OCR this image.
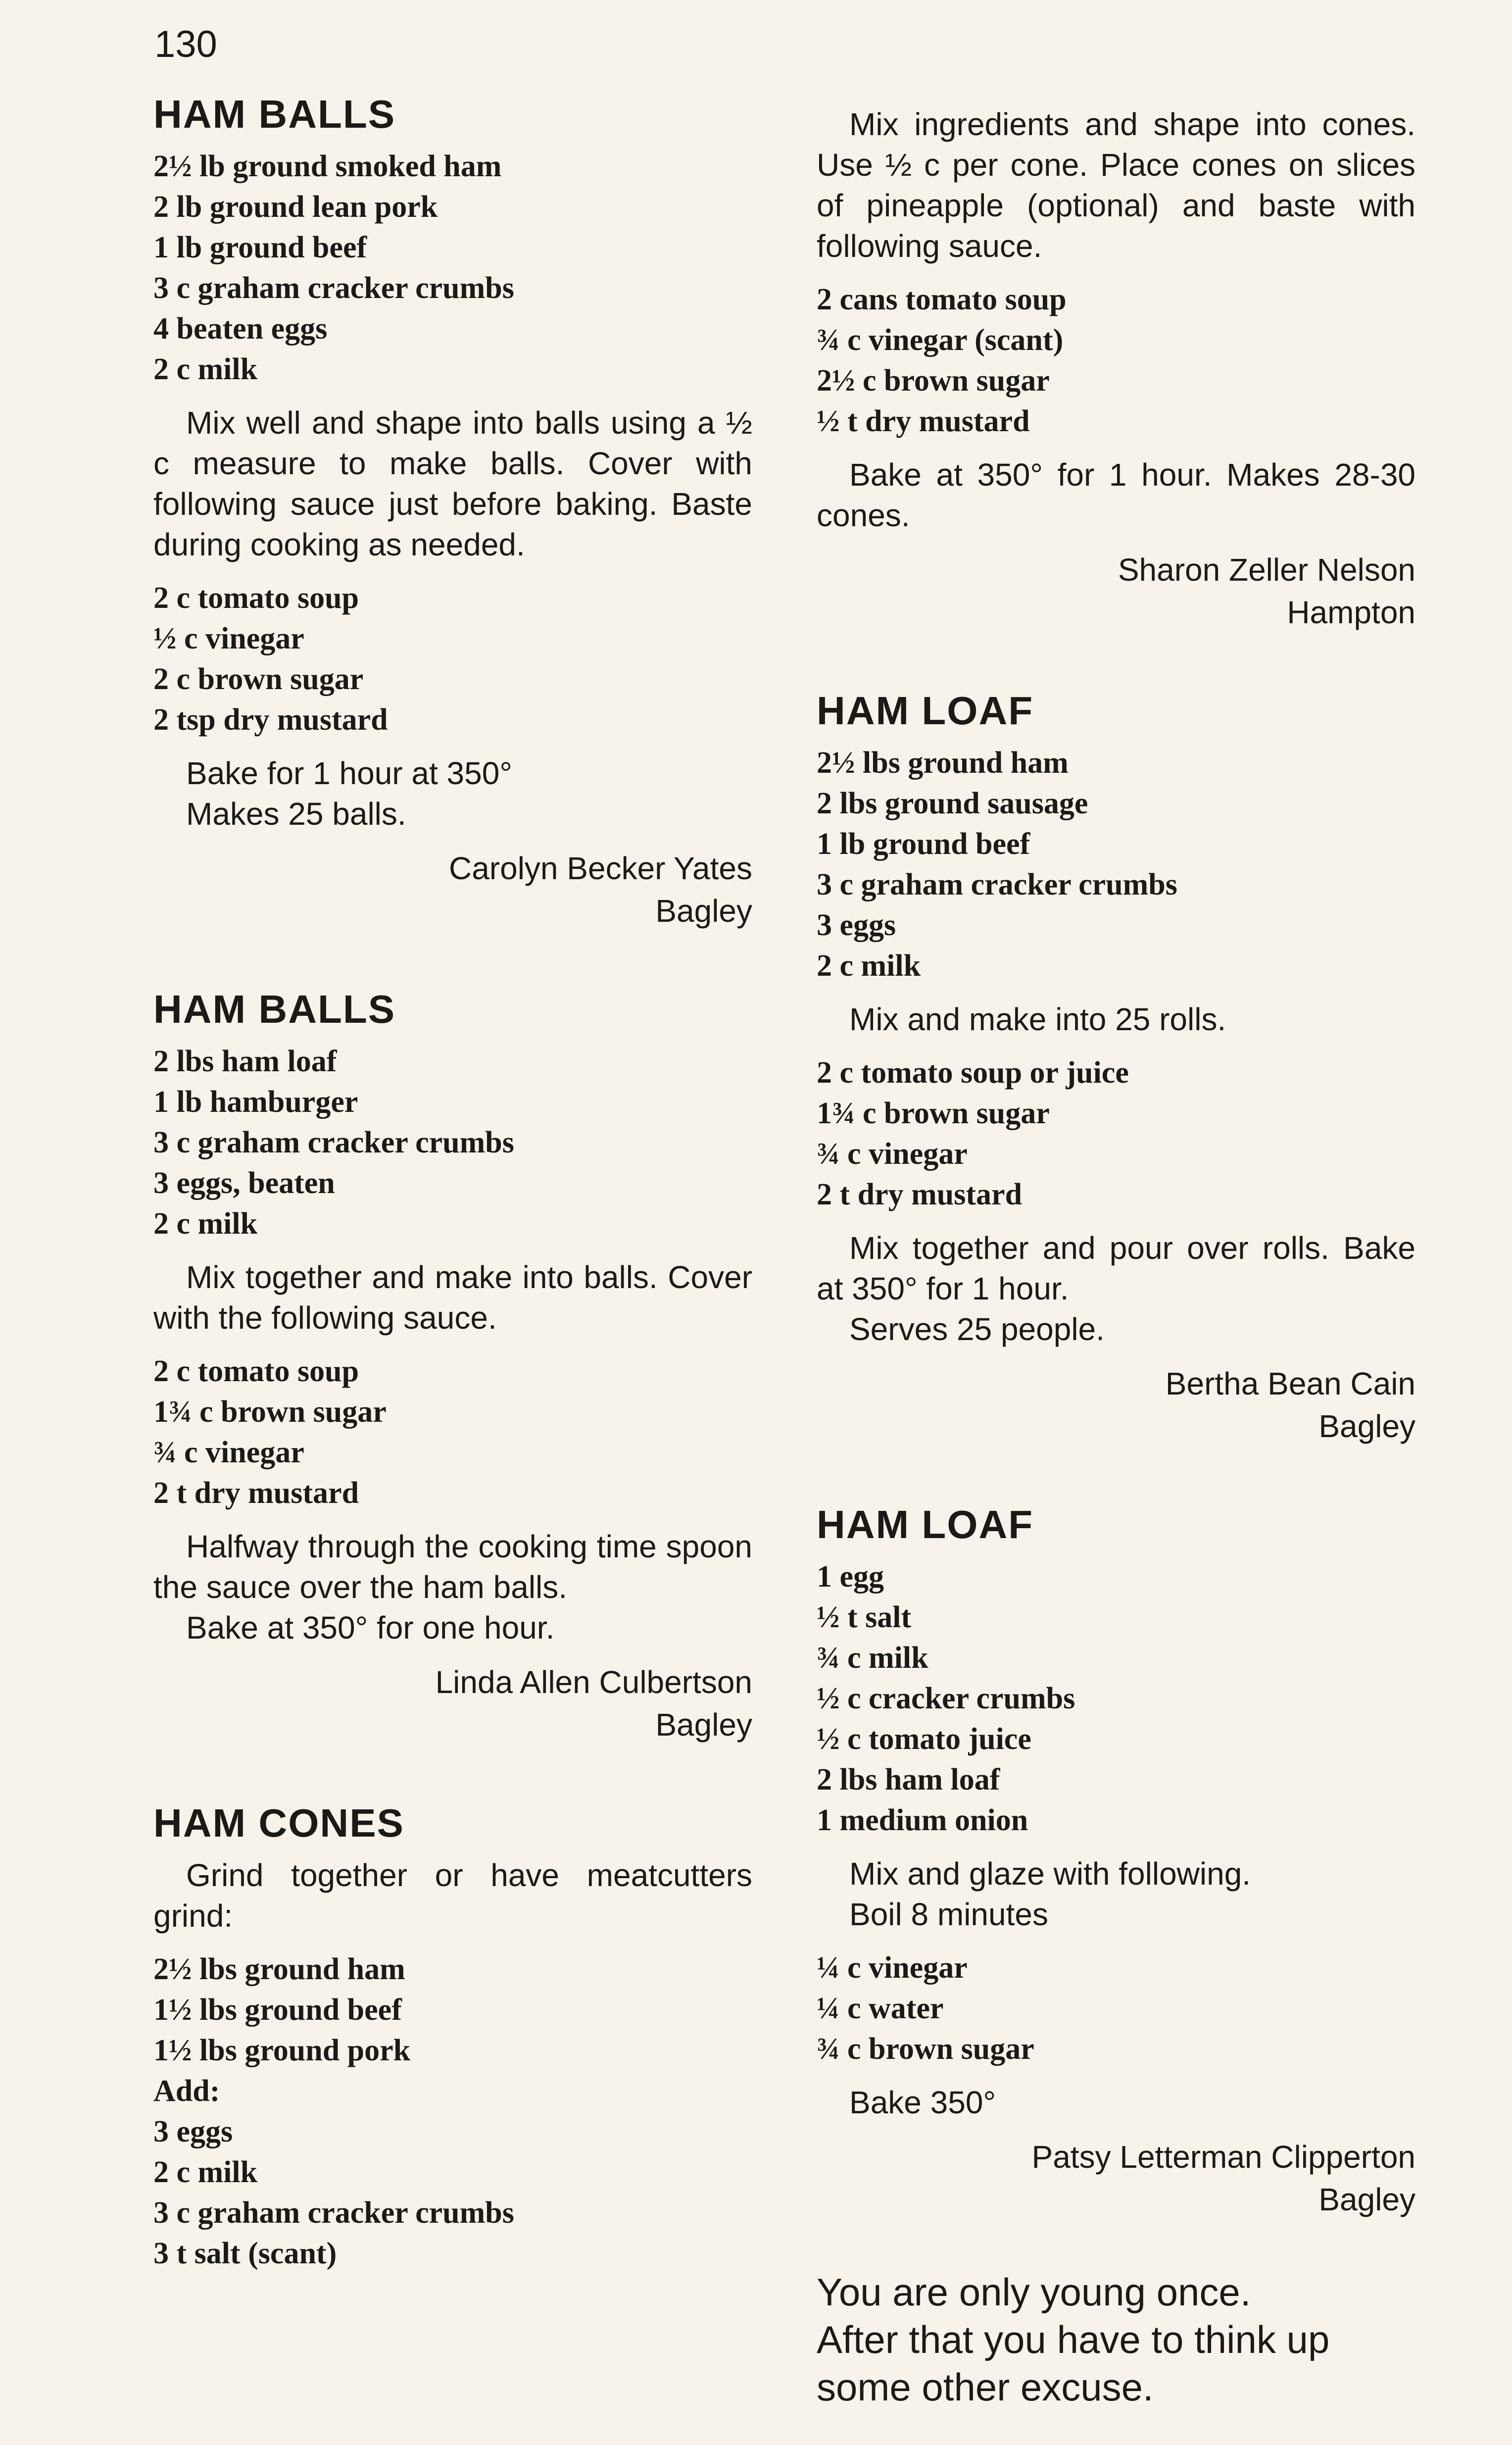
130
HAM BALLS
2½ lb ground smoked ham
2 lb ground lean pork
1 lb ground beef
3 c graham cracker crumbs
4 beaten eggs
2 c milk

Mix well and shape into balls using a ½ c measure to make balls. Cover with following sauce just before baking. Baste during cooking as needed.

2 c tomato soup
½ c vinegar
2 c brown sugar
2 tsp dry mustard
Bake for 1 hour at 350°
Makes 25 balls.

Carolyn Becker Yates

Bagley

HAM BALLS
2 lbs ham loaf
1 lb hamburger
3 c graham cracker crumbs
3 eggs, beaten
2 c milk

Mix together and make into balls. Cover with the following sauce.

2 c tomato soup
1¾ c brown sugar
¾ c vinegar
2 t dry mustard

Halfway through the cooking time spoon the sauce over the ham balls.

Bake at 350° for one hour.

Linda Allen Culbertson

Bagley

HAM CONES

Grind together or have meatcutters grind:

2½ lbs ground ham
1½ lbs ground beef
1½ lbs ground pork
Add:
3 eggs
2 c milk
3 c graham cracker crumbs
3 t salt (scant)

Mix ingredients and shape into cones. Use ½ c per cone. Place cones on slices of pineapple (optional) and baste with following sauce.

2 cans tomato soup
¾ c vinegar (scant)
2½ c brown sugar
½ t dry mustard

Bake at 350° for 1 hour. Makes 28-30 cones.

Sharon Zeller Nelson

Hampton

HAM LOAF
2½ lbs ground ham
2 lbs ground sausage
1 lb ground beef
3 c graham cracker crumbs
3 eggs
2 c milk

Mix and make into 25 rolls.

2 c tomato soup or juice
1¾ c brown sugar
¾ c vinegar
2 t dry mustard

Mix together and pour over rolls. Bake at 350° for 1 hour.

Serves 25 people.

Bertha Bean Cain

Bagley

HAM LOAF
1 egg
½ t salt
¾ c milk
½ c cracker crumbs
½ c tomato juice
2 lbs ham loaf
1 medium onion
Mix and glaze with following.
Boil 8 minutes
¼ c vinegar
¼ c water
¾ c brown sugar
Bake 350°

Patsy Letterman Clipperton

Bagley

You are only young once.
After that you have to think up
some other excuse.
